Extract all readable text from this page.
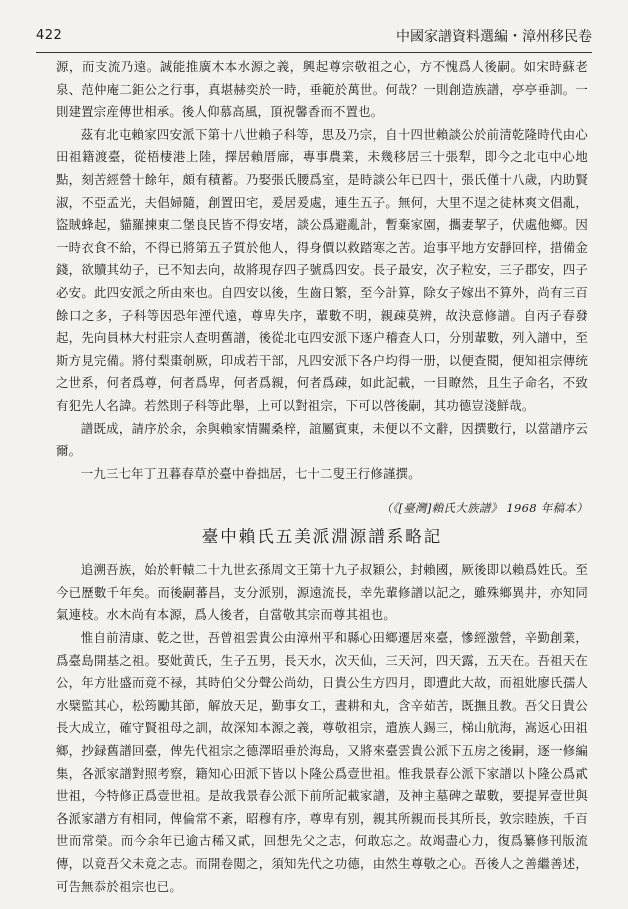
422	中國家譜資料選編・漳州移民卷

源，而支流乃遠。誠能推廣木本水源之義，興起尊宗敬祖之心，方不愧爲人後嗣。如宋時蘇老泉、范仲庵二鉅公之行事，真堪赫奕於一時，垂範於萬世。何哉？一則創造族譜，亭亭垂訓。一則建置宗産傳世相承。後人仰慕高風，頂祝馨香而不置也。

茲有北屯賴家四安派下第十八世賴子科等，思及乃宗，自十四世賴談公於前清乾隆時代由心田祖籍渡臺，從梧棲港上陸，擇居賴厝廍，專事農業，未幾移居三十張犁，即今之北屯中心地點，刻苦經營十餘年，頗有積蓄。乃娶張氏腰爲室，是時談公年已四十，張氏僅十八歲，内助賢淑，不亞孟光，夫倡婦隨，創置田宅，爰居爰處，連生五子。無何，大里不逞之徒林爽文倡亂，盜賊蜂起，貓羅揀東二堡良民皆不得安堵，談公爲避亂計，暫棄家園，攜妻挈子，伏處他鄉。因一時衣食不給，不得已將第五子質於他人，得身價以救踏寒之苦。迨事平地方安靜回梓，措備金錢，欲贖其幼子，已不知去向，故將現存四子號爲四安。長子最安，次子粒安，三子郡安，四子必安。此四安派之所由來也。自四安以後，生齒日繁，至今計算，除女子嫁出不算外，尚有三百餘口之多，子科等因恐年湮代遠，尊卑失序，輩數不明，親疎莫辨，故決意修譜。自丙子春發起，先向員林大村莊宗人查明舊譜，後從北屯四安派下逐户稽查人口，分別輩數，列入譜中，至斯方見完備。將付梨棗剞厥，印成若干部，凡四安派下各户均得一册，以便查閱，便知祖宗傳统之世系，何者爲尊，何者爲卑，何者爲親，何者爲疎，如此記載，一目瞭然，且生子命名，不致有犯先人名諱。若然則子科等此舉，上可以對祖宗，下可以啓後嗣，其功德豈淺鮮哉。

譜既成，請序於余，余與賴家情關桑梓，誼屬賓東，未便以不文辭，因撰數行，以當譜序云爾。

一九三七年丁丑暮春草於臺中眷拙居，七十二叟王行修謹撰。

（《[臺灣]賴氏大族譜》 1968 年稿本）
臺中賴氏五美派淵源譜系略記

追溯吾族，始於軒轅二十九世玄孫周文王第十九子叔穎公，封賴國，厥後即以賴爲姓氏。至今已歷數千年矣。而後嗣蕃昌，支分派别，源遠流長，幸先輩修譜以記之，雖殊鄉異井，亦知同氣連枝。水木尚有本源，爲人後者，自當敬其宗而尊其祖也。

惟自前清康、乾之世，吾曾祖雲貴公由漳州平和縣心田鄉遷居來臺，慘經激營，辛勤創業，爲臺島開基之祖。娶妣黄氏，生子五男，長天水，次天仙，三天河，四天露，五天在。吾祖天在公，年方壯盛而竟不禄，其時伯父分聲公尚幼，日貴公生方四月，即遭此大故，而祖妣廖氏孺人水檗監其心，松筠勵其節，解放天足，勤事女工，晝耕和丸，含辛茹苦，既撫且教。吾父日貴公長大成立，確守賢祖母之訓，故深知本源之義，尊敬祖宗，遣族人錫三，梯山航海，嵩返心田祖鄉，抄録舊譜回臺，俾先代祖宗之德澤昭垂於海島，又將來臺雲貴公派下五房之後嗣，逐一修編集，各派家譜對照考察，籍知心田派下皆以卜隆公爲壹世祖。惟我景春公派下家譜以卜隆公爲貳世祖，今特修正爲壹世祖。是故我景春公派下前所記載家譜，及神主墓碑之輩數，要提昇壹世與各派家譜方有相同，俾倫常不紊，昭穆有序，尊卑有别，親其所親而長其所長，敦宗睦族，千百世而常榮。而今余年已逾古稀又貳，回想先父之志，何敢忘之。故竭盡心力，復爲纂修刊版流傳，以竟吾父未竟之志。而開卷閲之，須知先代之功德，由然生尊敬之心。吾後人之善繼善述，可告無忝於祖宗也已。
